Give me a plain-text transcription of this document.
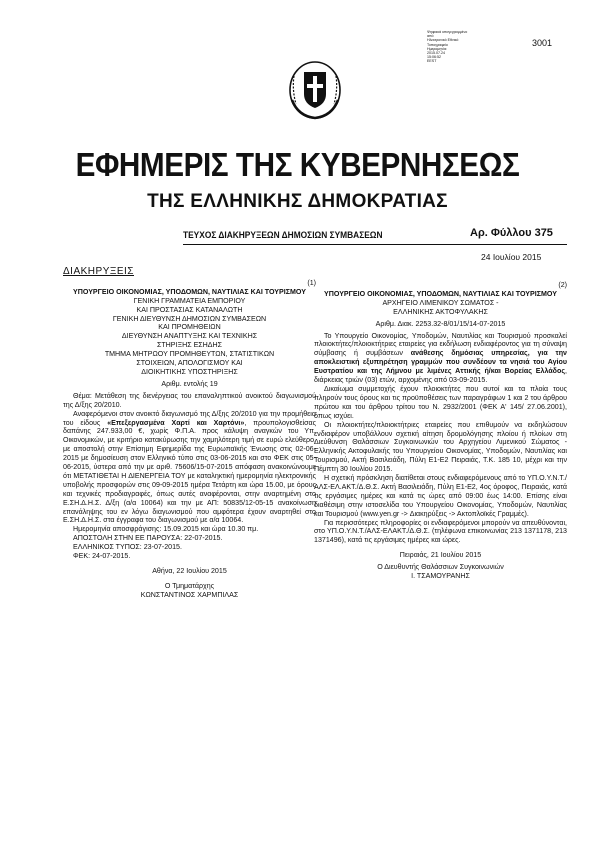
Ψηφιακά υπογεγραμμένο
από
Ηλεκτρονικό Εθνικό
Τυπογραφείο
Ημερομηνία:
2015.07.24
15:06:52
EEST
3001
ΕΦΗΜΕΡΙΣ ΤΗΣ ΚΥΒΕΡΝΗΣΕΩΣ
ΤΗΣ ΕΛΛΗΝΙΚΗΣ ΔΗΜΟΚΡΑΤΙΑΣ
ΤΕΥΧΟΣ ΔΙΑΚΗΡΥΞΕΩΝ ΔΗΜΟΣΙΩΝ ΣΥΜΒΑΣΕΩΝ	Αρ. Φύλλου 375
24 Ιουλίου 2015
ΔΙΑΚΗΡΥΞΕΙΣ
(1)
ΥΠΟΥΡΓΕΙΟ ΟΙΚΟΝΟΜΙΑΣ, ΥΠΟΔΟΜΩΝ, ΝΑΥΤΙΛΙΑΣ ΚΑΙ ΤΟΥΡΙΣΜΟΥ
ΓΕΝΙΚΗ ΓΡΑΜΜΑΤΕΙΑ ΕΜΠΟΡΙΟΥ
ΚΑΙ ΠΡΟΣΤΑΣΙΑΣ ΚΑΤΑΝΑΛΩΤΗ
ΓΕΝΙΚΗ ΔΙΕΥΘΥΝΣΗ ΔΗΜΟΣΙΩΝ ΣΥΜΒΑΣΕΩΝ
ΚΑΙ ΠΡΟΜΗΘΕΙΩΝ
ΔΙΕΥΘΥΝΣΗ ΑΝΑΠΤΥΞΗΣ ΚΑΙ ΤΕΧΝΙΚΗΣ
ΣΤΗΡΙΞΗΣ ΕΣΗΔΗΣ
ΤΜΗΜΑ ΜΗΤΡΩΟΥ ΠΡΟΜΗΘΕΥΤΩΝ, ΣΤΑΤΙΣΤΙΚΩΝ
ΣΤΟΙΧΕΙΩΝ, ΑΠΟΛΟΓΙΣΜΟΥ ΚΑΙ
ΔΙΟΙΚΗΤΙΚΗΣ ΥΠΟΣΤΗΡΙΞΗΣ
Αριθμ. εντολής 19
Θέμα: Μετάθεση της διενέργειας του επαναληπτικού ανοικτού διαγωνισμού της Δ/ξης 20/2010.
Αναφερόμενοι στον ανοικτό διαγωνισμό της Δ/ξης 20/2010 για την προμήθεια του είδους «Επεξεργασμένα Χαρτί και Χαρτόνι», προυπολογισθείσας δαπάνης 247.933,00 €, χωρίς Φ.Π.Α. προς κάλυψη αναγκών του Υπ. Οικονομικών, με κριτήριο κατακύρωσης την χαμηλότερη τιμή σε ευρώ ελεύθερο, με αποστολή στην Επίσημη Εφημερίδα της Ευρωπαϊκής Ένωσης στις 02-06-2015 με δημοσίευση στον Ελληνικό τύπο στις 03-06-2015 και στο ΦΕΚ στις 05-06-2015, ύστερα από την με αριθ. 75606/15-07-2015 απόφαση ανακοινώνουμε ότι ΜΕΤΑΤΙΘΕΤΑΙ Η ΔΙΕΝΕΡΓΕΙΑ ΤΟΥ με καταληκτική ημερομηνία ηλεκτρονικής υποβολής προσφορών στις 09-09-2015 ημέρα Τετάρτη και ώρα 15.00, με όρους και τεχνικές προδιαγραφές, όπως αυτές αναφέρονται, στην αναρτημένη στο Ε.ΣΗ.Δ.Η.Σ. Δ/ξη (α/α 10064) και την με ΑΠ: 50835/12-05-15 ανακοίνωση επανάληψης του εν λόγω διαγωνισμού που αμφότερα έχουν αναρτηθεί στο Ε.ΣΗ.Δ.Η.Σ. στα έγγραφα του διαγωνισμού με α/α 10064.
Ημερομηνία αποσφράγισης: 15.09.2015 και ώρα 10.30 πμ.
ΑΠΟΣΤΟΛΗ ΣΤΗΝ ΕΕ ΠΑΡΟΥΣΑ: 22-07-2015.
ΕΛΛΗΝΙΚΟΣ ΤΥΠΟΣ: 23-07-2015.
ΦΕΚ: 24-07-2015.
Αθήνα, 22 Ιουλίου 2015
Ο Τμηματάρχης
ΚΩΝΣΤΑΝΤΙΝΟΣ ΧΑΡΜΠΙΛΑΣ
(2)
ΥΠΟΥΡΓΕΙΟ ΟΙΚΟΝΟΜΙΑΣ, ΥΠΟΔΟΜΩΝ, ΝΑΥΤΙΛΙΑΣ ΚΑΙ ΤΟΥΡΙΣΜΟΥ
ΑΡΧΗΓΕΙΟ ΛΙΜΕΝΙΚΟΥ ΣΩΜΑΤΟΣ -
ΕΛΛΗΝΙΚΗΣ ΑΚΤΟΦΥΛΑΚΗΣ
Αριθμ. Διακ. 2253.32-8/01/15/14-07-2015
Το Υπουργείο Οικονομίας, Υποδομών, Ναυτιλίας και Τουρισμού προσκαλεί πλοιοκτήτες/πλοιοκτήτριες εταιρείες για εκδήλωση ενδιαφέροντος για τη σύναψη σύμβασης ή συμβάσεων ανάθεσης δημόσιας υπηρεσίας, για την αποκλειστική εξυπηρέτηση γραμμών που συνδέουν τα νησιά του Αγίου Ευστρατίου και της Λήμνου με λιμένες Αττικής ή/και Βορείας Ελλάδος, διάρκειας τριών (03) ετών, αρχομένης από 03-09-2015.
Δικαίωμα συμμετοχής έχουν πλοιοκτήτες που αυτοί και τα πλοία τους πληρούν τους όρους και τις προϋποθέσεις των παραγράφων 1 και 2 του άρθρου πρώτου και του άρθρου τρίτου του Ν. 2932/2001 (ΦΕΚ Α' 145/ 27.06.2001), όπως ισχύει.
Οι πλοιοκτήτες/πλοιοκτήτριες εταιρείες που επιθυμούν να εκδηλώσουν ενδιαφέρον υποβάλλουν σχετική αίτηση δρομολόγησης πλοίου ή πλοίων στη Διεύθυνση Θαλάσσιων Συγκοινωνιών του Αρχηγείου Λιμενικού Σώματος - Ελληνικής Ακτοφυλακής του Υπουργείου Οικονομίας, Υποδομών, Ναυτιλίας και Τουρισμού, Ακτή Βασιλειάδη, Πύλη Ε1-Ε2 Πειραιάς, Τ.Κ. 185 10, μέχρι και την Πέμπτη 30 Ιουλίου 2015.
Η σχετική πρόσκληση διατίθεται στους ενδιαφερόμενους από το ΥΠ.Ο.Υ.Ν.Τ./ΑΛΣ-ΕΛ.ΑΚΤ./Δ.Θ.Σ. Ακτή Βασιλειάδη, Πύλη Ε1-Ε2, 4ος όροφος, Πειραιάς, κατά τις εργάσιμες ημέρες και κατά τις ώρες από 09:00 έως 14:00. Επίσης είναι διαθέσιμη στην ιστοσελίδα του Υπουργείου Οικονομίας, Υποδομών, Ναυτιλίας και Τουρισμού (www.yen.gr -> Διακηρύξεις -> Ακτοπλοϊκές Γραμμές).
Για περισσότερες πληροφορίες οι ενδιαφερόμενοι μπορούν να απευθύνονται, στο ΥΠ.Ο.Υ.Ν.Τ./ΑΛΣ-ΕΛΑΚΤ./Δ.Θ.Σ. (τηλέφωνα επικοινωνίας 213 1371178, 213 1371496), κατά τις εργάσιμες ημέρες και ώρες.
Πειραιάς, 21 Ιουλίου 2015
Ο Διευθυντής Θαλάσσιων Συγκοινωνιών
Ι. ΤΣΑΜΟΥΡΑΝΗΣ
